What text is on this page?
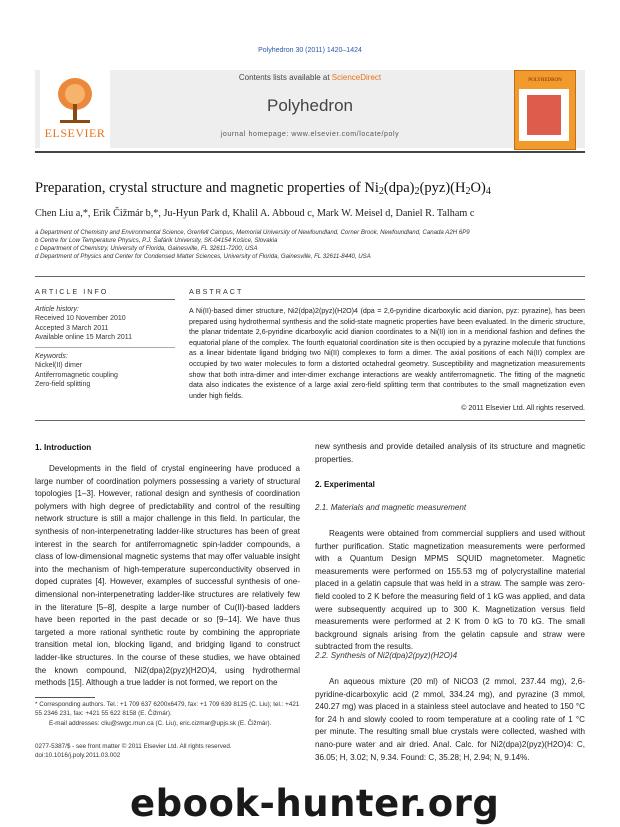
Polyhedron 30 (2011) 1420–1424
ELSEVIER
Contents lists available at ScienceDirect
Polyhedron
journal homepage: www.elsevier.com/locate/poly
POLYHEDRON
Preparation, crystal structure and magnetic properties of $Ni_2(dpa)_2(pyz)(H_2O)_4$
Chen Liu a,*, Erik Čižmár b,*, Ju-Hyun Park d, Khalil A. Abboud c, Mark W. Meisel d, Daniel R. Talham c
a Department of Chemistry and Environmental Science, Grenfell Campus, Memorial University of Newfoundland, Corner Brook, Newfoundland, Canada A2H 6P9
b Centre for Low Temperature Physics, P.J. Šafárik University, SK-04154 Košice, Slovakia
c Department of Chemistry, University of Florida, Gainesville, FL 32611-7200, USA
d Department of Physics and Center for Condensed Matter Sciences, University of Florida, Gainesville, FL 32611-8440, USA
ARTICLE INFO	ABSTRACT
Article history:
Received 10 November 2010
Accepted 3 March 2011
Available online 15 March 2011
Keywords:
Nickel(II) dimer
Antiferromagnetic coupling
Zero-field splitting
A Ni(II)-based dimer structure, Ni2(dpa)2(pyz)(H2O)4 (dpa = 2,6-pyridine dicarboxylic acid dianion, pyz: pyrazine), has been prepared using hydrothermal synthesis and the solid-state magnetic properties have been evaluated. In the dimeric structure, the planar tridentate 2,6-pyridine dicarboxylic acid dianion coordinates to a Ni(II) ion in a meridional fashion and defines the equatorial plane of the complex. The fourth equatorial coordination site is then occupied by a pyrazine molecule that functions as a linear bidentate ligand bridging two Ni(II) complexes to form a dimer. The axial positions of each Ni(II) complex are occupied by two water molecules to form a distorted octahedral geometry. Susceptibility and magnetization measurements show that both intra-dimer and inter-dimer exchange interactions are weakly antiferromagnetic. The fitting of the magnetic data also indicates the existence of a large axial zero-field splitting term that contributes to the small magnetization even under high fields.
© 2011 Elsevier Ltd. All rights reserved.
1. Introduction

Developments in the field of crystal engineering have produced a large number of coordination polymers possessing a variety of structural topologies [1–3]. However, rational design and synthesis of coordination polymers with high degree of predictability and control of the resulting network structure is still a major challenge in this field. In particular, the synthesis of non-interpenetrating ladder-like structures has been of great interest in the search for antiferromagnetic spin-ladder compounds, a class of low-dimensional magnetic systems that may offer valuable insight into the mechanism of high-temperature superconductivity observed in doped cuprates [4]. However, examples of successful synthesis of one-dimensional non-interpenetrating ladder-like structures are relatively few in the literature [5–8], despite a large number of Cu(II)-based ladders have been reported in the past decade or so [9–14]. We have thus targeted a more rational synthetic route by combining the appropriate transition metal ion, blocking ligand, and bridging ligand to construct ladder-like structures. In the course of these studies, we have obtained the known compound, Ni2(dpa)2(pyz)(H2O)4, using hydrothermal methods [15]. Although a true ladder is not formed, we report on the

new synthesis and provide detailed analysis of its structure and magnetic properties.

2. Experimental
2.1. Materials and magnetic measurement

Reagents were obtained from commercial suppliers and used without further purification. Static magnetization measurements were performed with a Quantum Design MPMS SQUID magnetometer. Magnetic measurements were performed on 155.53 mg of polycrystalline material placed in a gelatin capsule that was held in a straw. The sample was zero-field cooled to 2 K before the measuring field of 1 kG was applied, and data were subsequently acquired up to 300 K. Magnetization versus field measurements were performed at 2 K from 0 kG to 70 kG. The small background signals arising from the gelatin capsule and straw were subtracted from the results.

2.2. Synthesis of Ni2(dpa)2(pyz)(H2O)4

An aqueous mixture (20 ml) of NiCO3 (2 mmol, 237.44 mg), 2,6-pyridine-dicarboxylic acid (2 mmol, 334.24 mg), and pyrazine (3 mmol, 240.27 mg) was placed in a stainless steel autoclave and heated to 150 °C for 24 h and slowly cooled to room temperature at a cooling rate of 1 °C per minute. The resulting small blue crystals were collected, washed with nano-pure water and air dried. Anal. Calc. for Ni2(dpa)2(pyz)(H2O)4: C, 36.05; H, 3.02; N, 9.34. Found: C, 35.28; H, 2.94; N, 9.14%.

* Corresponding authors. Tel.: +1 709 637 6200x6479, fax: +1 709 639 8125 (C. Liu); tel.: +421 55 2346 231, fax: +421 55 622 8158 (E. Čižmár).
E-mail addresses: cliu@swgc.mun.ca (C. Liu), eric.cizmar@upjs.sk (E. Čižmár).
0277-5387/$ - see front matter © 2011 Elsevier Ltd. All rights reserved.
doi:10.1016/j.poly.2011.03.002
ebook-hunter.org
